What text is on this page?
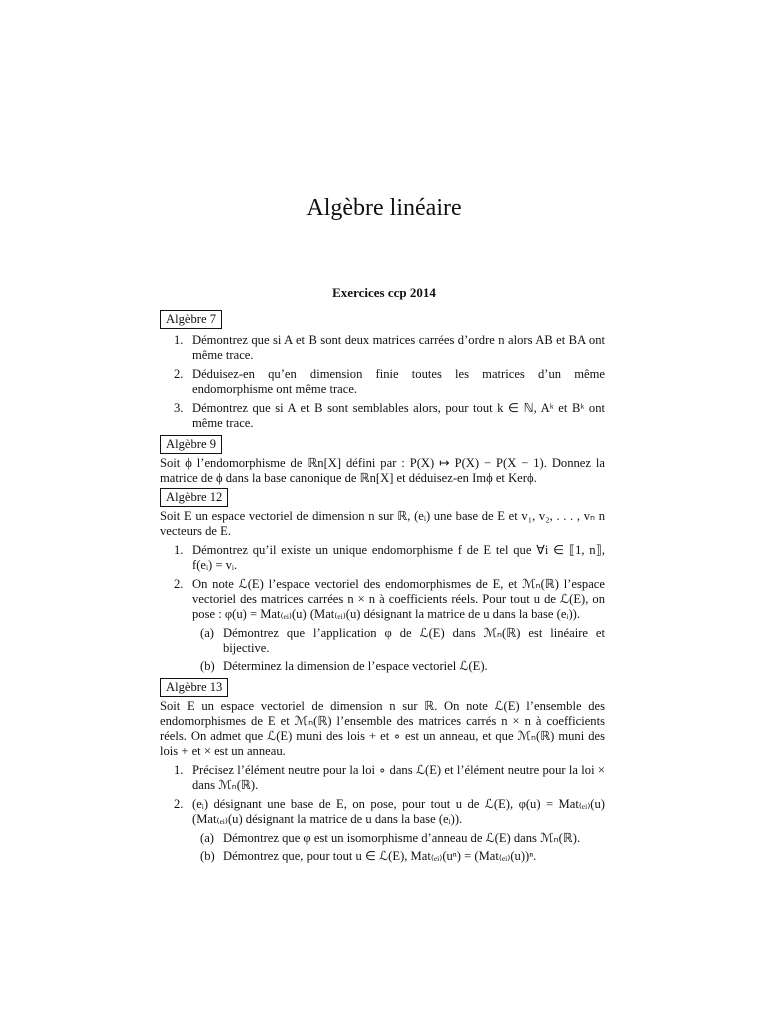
Algèbre linéaire
Exercices ccp 2014
Algèbre 7
1. Démontrez que si A et B sont deux matrices carrées d’ordre n alors AB et BA ont même trace.
2. Déduisez-en qu’en dimension finie toutes les matrices d’un même endomorphisme ont même trace.
3. Démontrez que si A et B sont semblables alors, pour tout k ∈ ℕ, Aᵏ et Bᵏ ont même trace.
Algèbre 9

Soit ϕ l’endomorphisme de ℝn[X] défini par : P(X) ↦ P(X) − P(X − 1). Donnez la matrice de ϕ dans la base canonique de ℝn[X] et déduisez-en Imϕ et Kerϕ.

Algèbre 12

Soit E un espace vectoriel de dimension n sur ℝ, (eᵢ) une base de E et v₁, v₂, . . . , vₙ n vecteurs de E.

1. Démontrez qu’il existe un unique endomorphisme f de E tel que ∀i ∈ ⟦1, n⟧, f(eᵢ) = vᵢ.
2. On note ℒ(E) l’espace vectoriel des endomorphismes de E, et ℳₙ(ℝ) l’espace vectoriel des matrices carrées n × n à coefficients réels. Pour tout u de ℒ(E), on pose : φ(u) = Mat₍ₑᵢ₎(u) (Mat₍ₑᵢ₎(u) désignant la matrice de u dans la base (eᵢ)).
(a) Démontrez que l’application φ de ℒ(E) dans ℳₙ(ℝ) est linéaire et bijective.
(b) Déterminez la dimension de l’espace vectoriel ℒ(E).
Algèbre 13

Soit E un espace vectoriel de dimension n sur ℝ. On note ℒ(E) l’ensemble des endomorphismes de E et ℳₙ(ℝ) l’ensemble des matrices carrés n × n à coefficients réels. On admet que ℒ(E) muni des lois + et ∘ est un anneau, et que ℳₙ(ℝ) muni des lois + et × est un anneau.

1. Précisez l’élément neutre pour la loi ∘ dans ℒ(E) et l’élément neutre pour la loi × dans ℳₙ(ℝ).
2. (eᵢ) désignant une base de E, on pose, pour tout u de ℒ(E), φ(u) = Mat₍ₑᵢ₎(u) (Mat₍ₑᵢ₎(u) désignant la matrice de u dans la base (eᵢ)).
(a) Démontrez que φ est un isomorphisme d’anneau de ℒ(E) dans ℳₙ(ℝ).
(b) Démontrez que, pour tout u ∈ ℒ(E), Mat₍ₑᵢ₎(uⁿ) = (Mat₍ₑᵢ₎(u))ⁿ.
